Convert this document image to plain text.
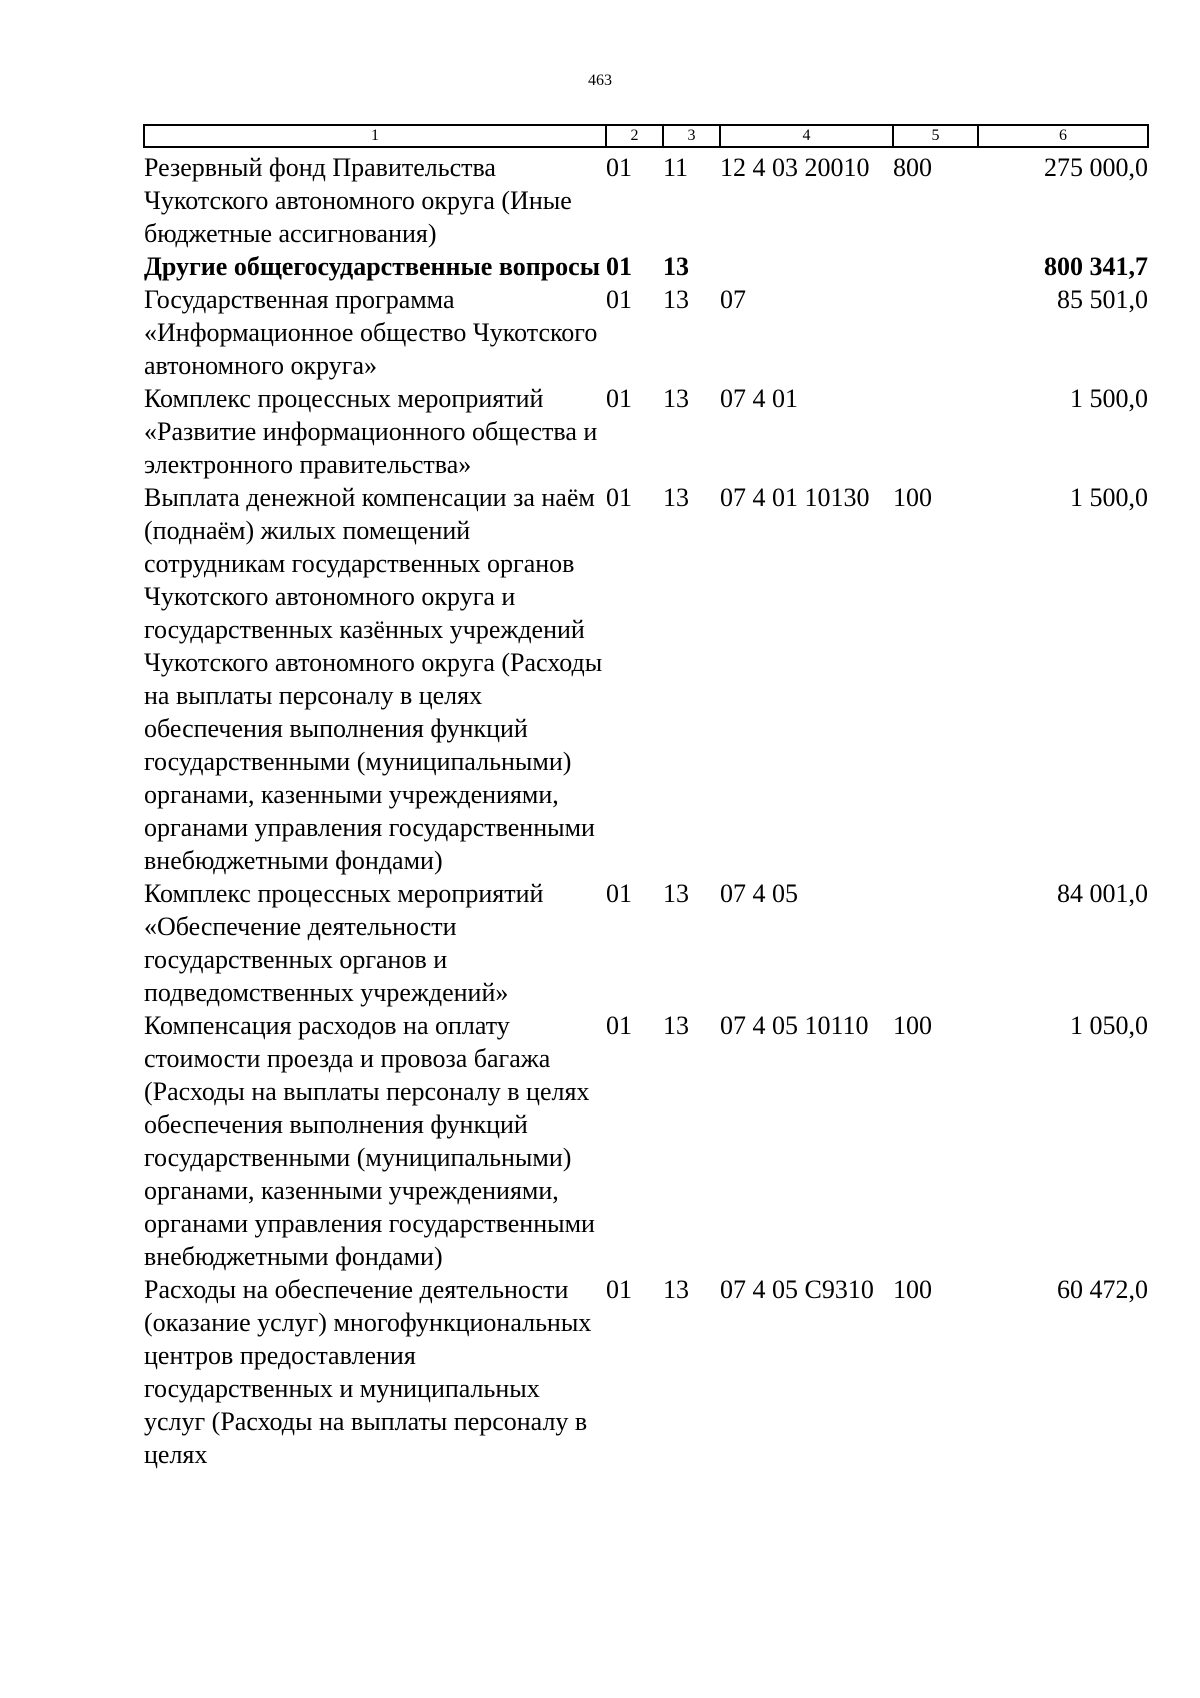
463
1	2	3	4	5	6
Резервный фонд Правительства Чукотского автономного округа (Иные бюджетные ассигнования)	01	11	12 4 03 20010	800	275 000,0
Другие общегосударственные вопросы	01	13			800 341,7
Государственная программа «Информационное общество Чукотского автономного округа»	01	13	07		85 501,0
Комплекс процессных мероприятий «Развитие информационного общества и электронного правительства»	01	13	07 4 01		1 500,0
Выплата денежной компенсации за наём (поднаём) жилых помещений сотрудникам государственных органов Чукотского автономного округа и государственных казённых учреждений Чукотского автономного округа (Расходы на выплаты персоналу в целях обеспечения выполнения функций государственными (муниципальными) органами, казенными учреждениями, органами управления государственными внебюджетными фондами)	01	13	07 4 01 10130	100	1 500,0
Комплекс процессных мероприятий «Обеспечение деятельности государственных органов и подведомственных учреждений»	01	13	07 4 05		84 001,0
Компенсация расходов на оплату стоимости проезда и провоза багажа (Расходы на выплаты персоналу в целях обеспечения выполнения функций государственными (муниципальными) органами, казенными учреждениями, органами управления государственными внебюджетными фондами)	01	13	07 4 05 10110	100	1 050,0
Расходы на обеспечение деятельности (оказание услуг) многофункциональных центров предоставления государственных и муниципальных услуг (Расходы на выплаты персоналу в целях	01	13	07 4 05 С9310	100	60 472,0
